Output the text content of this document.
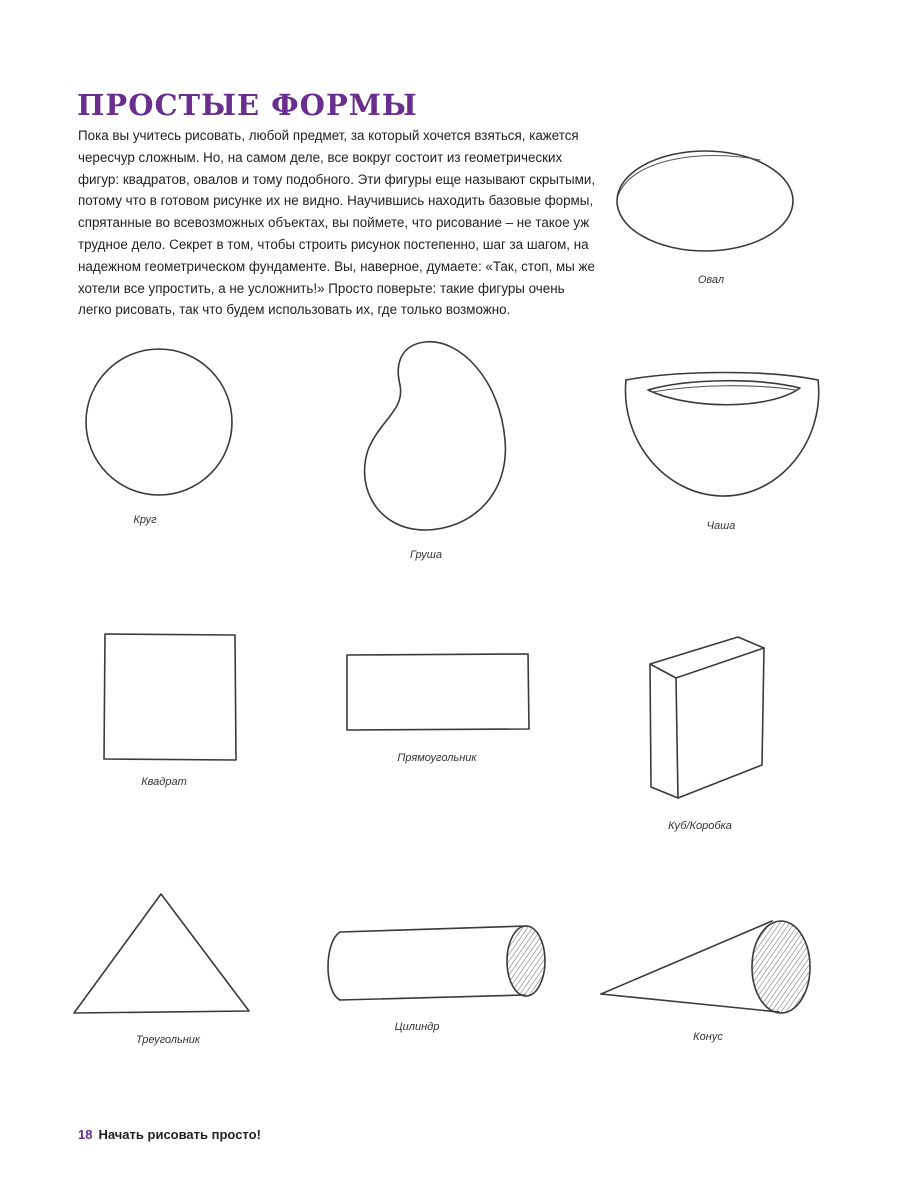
ПРОСТЫЕ ФОРМЫ

Пока вы учитесь рисовать, любой предмет, за который хочется взяться, кажется чересчур сложным. Но, на самом деле, все вокруг состоит из геометрических фигур: квадратов, овалов и тому подобного. Эти фигуры еще называют скрытыми, потому что в готовом рисунке их не видно. Научившись находить базовые формы, спрятанные во всевозможных объектах, вы поймете, что рисование – не такое уж трудное дело. Секрет в том, чтобы строить рисунок постепенно, шаг за шагом, на надежном геометрическом фундаменте. Вы, наверное, думаете: «Так, стоп, мы же хотели все упростить, а не усложнить!» Просто поверьте: такие фигуры очень легко рисовать, так что будем использовать их, где только возможно.

Овал
Круг
Груша
Чаша
Квадрат
Прямоугольник
Куб/Коробка
Треугольник
Цилиндр
Конус
18 Начать рисовать просто!
